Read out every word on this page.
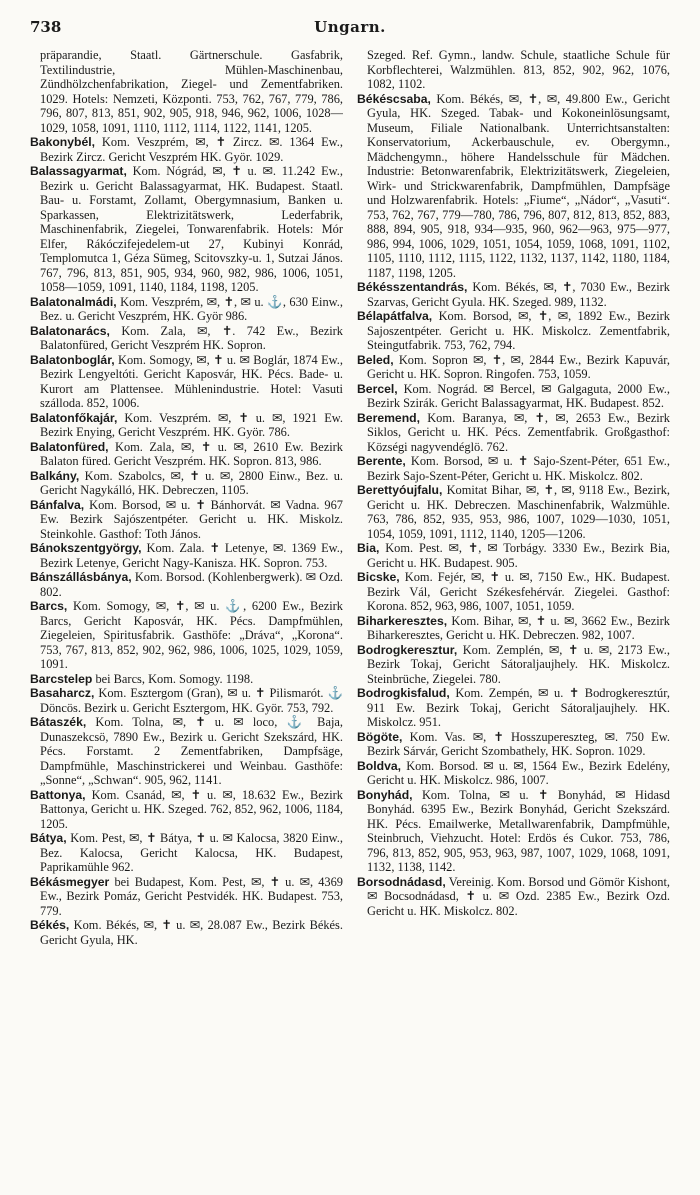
738	Ungarn.

präparandie, Staatl. Gärtnerschule. Gasfabrik, Textilindustrie, Mühlen-Maschinenbau, Zündhölzchenfabrikation, Ziegel- und Zementfabriken. 1029. Hotels: Nemzeti, Központi. 753, 762, 767, 779, 786, 796, 807, 813, 851, 902, 905, 918, 946, 962, 1006, 1028—1029, 1058, 1091, 1110, 1112, 1114, 1122, 1141, 1205.

Bakonybél, Kom. Veszprém, ✉, ✝ Zircz. ✉. 1364 Ew., Bezirk Zircz. Gericht Veszprém HK. Györ. 1029.

Balassagyarmat, Kom. Nógrád, ✉, ✝ u. ✉. 11.242 Ew., Bezirk u. Gericht Balassagyarmat, HK. Budapest. Staatl. Bau- u. Forstamt, Zollamt, Obergymnasium, Banken u. Sparkassen, Elektrizitätswerk, Lederfabrik, Maschinenfabrik, Ziegelei, Tonwarenfabrik. Hotels: Mór Elfer, Rákóczifejedelem-ut 27, Kubinyi Konrád, Templomutca 1, Géza Sümeg, Scitovszky-u. 1, Sutzai János. 767, 796, 813, 851, 905, 934, 960, 982, 986, 1006, 1051, 1058—1059, 1091, 1140, 1184, 1198, 1205.

Balatonalmádi, Kom. Veszprém, ✉, ✝, ✉ u. ⚓, 630 Einw., Bez. u. Gericht Veszprém, HK. Györ 986.

Balatonarács, Kom. Zala, ✉, ✝. 742 Ew., Bezirk Balatonfüred, Gericht Veszprém HK. Sopron.

Balatonboglár, Kom. Somogy, ✉, ✝ u. ✉ Boglár, 1874 Ew., Bezirk Lengyeltóti. Gericht Kaposvár, HK. Pécs. Bade- u. Kurort am Plattensee. Mühlenindustrie. Hotel: Vasuti szálloda. 852, 1006.

Balatonfőkajár, Kom. Veszprém. ✉, ✝ u. ✉, 1921 Ew. Bezirk Enying, Gericht Veszprém. HK. Györ. 786.

Balatonfüred, Kom. Zala, ✉, ✝ u. ✉, 2610 Ew. Bezirk Balaton füred. Gericht Veszprém. HK. Sopron. 813, 986.

Balkány, Kom. Szabolcs, ✉, ✝ u. ✉, 2800 Einw., Bez. u. Gericht Nagykálló, HK. Debreczen, 1105.

Bánfalva, Kom. Borsod, ✉ u. ✝ Bánhorvát. ✉ Vadna. 967 Ew. Bezirk Sajószentpéter. Gericht u. HK. Miskolz. Steinkohle. Gasthof: Toth János.

Bánokszentgyörgy, Kom. Zala. ✝ Letenye, ✉. 1369 Ew., Bezirk Letenye, Gericht Nagy-Kanisza. HK. Sopron. 753.

Bánszállásbánya, Kom. Borsod. (Kohlenbergwerk). ✉ Ozd. 802.

Barcs, Kom. Somogy, ✉, ✝, ✉ u. ⚓, 6200 Ew., Bezirk Barcs, Gericht Kaposvár, HK. Pécs. Dampfmühlen, Ziegeleien, Spiritusfabrik. Gasthöfe: „Dráva“, „Korona“. 753, 767, 813, 852, 902, 962, 986, 1006, 1025, 1029, 1059, 1091.

Barcstelep bei Barcs, Kom. Somogy. 1198.

Basaharcz, Kom. Esztergom (Gran), ✉ u. ✝ Pilismarót. ⚓ Döncös. Bezirk u. Gericht Esztergom, HK. Györ. 753, 792.

Bátaszék, Kom. Tolna, ✉, ✝ u. ✉ loco, ⚓ Baja, Dunaszekcsö, 7890 Ew., Bezirk u. Gericht Szekszárd, HK. Pécs. Forstamt. 2 Zementfabriken, Dampfsäge, Dampfmühle, Maschinstrickerei und Weinbau. Gasthöfe: „Sonne“, „Schwan“. 905, 962, 1141.

Battonya, Kom. Csanád, ✉, ✝ u. ✉, 18.632 Ew., Bezirk Battonya, Gericht u. HK. Szeged. 762, 852, 962, 1006, 1184, 1205.

Bátya, Kom. Pest, ✉, ✝ Bátya, ✝ u. ✉ Kalocsa, 3820 Einw., Bez. Kalocsa, Gericht Kalocsa, HK. Budapest, Paprikamühle 962.

Békásmegyer bei Budapest, Kom. Pest, ✉, ✝ u. ✉, 4369 Ew., Bezirk Pomáz, Gericht Pestvidék. HK. Budapest. 753, 779.

Békés, Kom. Békés, ✉, ✝ u. ✉, 28.087 Ew., Bezirk Békés. Gericht Gyula, HK.

Szeged. Ref. Gymn., landw. Schule, staatliche Schule für Korbflechterei, Walzmühlen. 813, 852, 902, 962, 1076, 1082, 1102.

Békéscsaba, Kom. Békés, ✉, ✝, ✉, 49.800 Ew., Gericht Gyula, HK. Szeged. Tabak- und Kokoneinlösungsamt, Museum, Filiale Nationalbank. Unterrichtsanstalten: Konservatorium, Ackerbauschule, ev. Obergymn., Mädchengymn., höhere Handelsschule für Mädchen. Industrie: Betonwarenfabrik, Elektrizitätswerk, Ziegeleien, Wirk- und Strickwarenfabrik, Dampfmühlen, Dampfsäge und Holzwarenfabrik. Hotels: „Fiume“, „Nádor“, „Vasuti“. 753, 762, 767, 779—780, 786, 796, 807, 812, 813, 852, 883, 888, 894, 905, 918, 934—935, 960, 962—963, 975—977, 986, 994, 1006, 1029, 1051, 1054, 1059, 1068, 1091, 1102, 1105, 1110, 1112, 1115, 1122, 1132, 1137, 1142, 1180, 1184, 1187, 1198, 1205.

Békésszentandrás, Kom. Békés, ✉, ✝, 7030 Ew., Bezirk Szarvas, Gericht Gyula. HK. Szeged. 989, 1132.

Bélapátfalva, Kom. Borsod, ✉, ✝, ✉, 1892 Ew., Bezirk Sajoszentpéter. Gericht u. HK. Miskolcz. Zementfabrik, Steingutfabrik. 753, 762, 794.

Beled, Kom. Sopron ✉, ✝, ✉, 2844 Ew., Bezirk Kapuvár, Gericht u. HK. Sopron. Ringofen. 753, 1059.

Bercel, Kom. Nográd. ✉ Bercel, ✉ Galgaguta, 2000 Ew., Bezirk Szirák. Gericht Balassagyarmat, HK. Budapest. 852.

Beremend, Kom. Baranya, ✉, ✝, ✉, 2653 Ew., Bezirk Siklos, Gericht u. HK. Pécs. Zementfabrik. Großgasthof: Községi nagyvendéglö. 762.

Berente, Kom. Borsod, ✉ u. ✝ Sajo-Szent-Péter, 651 Ew., Bezirk Sajo-Szent-Péter, Gericht u. HK. Miskolcz. 802.

Berettyóujfalu, Komitat Bihar, ✉, ✝, ✉, 9118 Ew., Bezirk, Gericht u. HK. Debreczen. Maschinenfabrik, Walzmühle. 763, 786, 852, 935, 953, 986, 1007, 1029—1030, 1051, 1054, 1059, 1091, 1112, 1140, 1205—1206.

Bia, Kom. Pest. ✉, ✝, ✉ Torbágy. 3330 Ew., Bezirk Bia, Gericht u. HK. Budapest. 905.

Bicske, Kom. Fejér, ✉, ✝ u. ✉, 7150 Ew., HK. Budapest. Bezirk Vál, Gericht Székesfehérvár. Ziegelei. Gasthof: Korona. 852, 963, 986, 1007, 1051, 1059.

Biharkeresztes, Kom. Bihar, ✉, ✝ u. ✉, 3662 Ew., Bezirk Biharkeresztes, Gericht u. HK. Debreczen. 982, 1007.

Bodrogkeresztur, Kom. Zemplén, ✉, ✝ u. ✉, 2173 Ew., Bezirk Tokaj, Gericht Sátoraljaujhely. HK. Miskolcz. Steinbrüche, Ziegelei. 780.

Bodrogkisfalud, Kom. Zempén, ✉ u. ✝ Bodrogkeresztúr, 911 Ew. Bezirk Tokaj, Gericht Sátoraljaujhely. HK. Miskolcz. 951.

Bögöte, Kom. Vas. ✉, ✝ Hosszupereszteg, ✉. 750 Ew. Bezirk Sárvár, Gericht Szombathely, HK. Sopron. 1029.

Boldva, Kom. Borsod. ✉ u. ✉, 1564 Ew., Bezirk Edelény, Gericht u. HK. Miskolcz. 986, 1007.

Bonyhád, Kom. Tolna, ✉ u. ✝ Bonyhád, ✉ Hidasd Bonyhád. 6395 Ew., Bezirk Bonyhád, Gericht Szekszárd. HK. Pécs. Emailwerke, Metallwarenfabrik, Dampfmühle, Steinbruch, Viehzucht. Hotel: Erdös és Cukor. 753, 786, 796, 813, 852, 905, 953, 963, 987, 1007, 1029, 1068, 1091, 1132, 1138, 1142.

Borsodnádasd, Vereinig. Kom. Borsod und Gömör Kishont, ✉ Bocsodnádasd, ✝ u. ✉ Ozd. 2385 Ew., Bezirk Ozd. Gericht u. HK. Miskolcz. 802.
